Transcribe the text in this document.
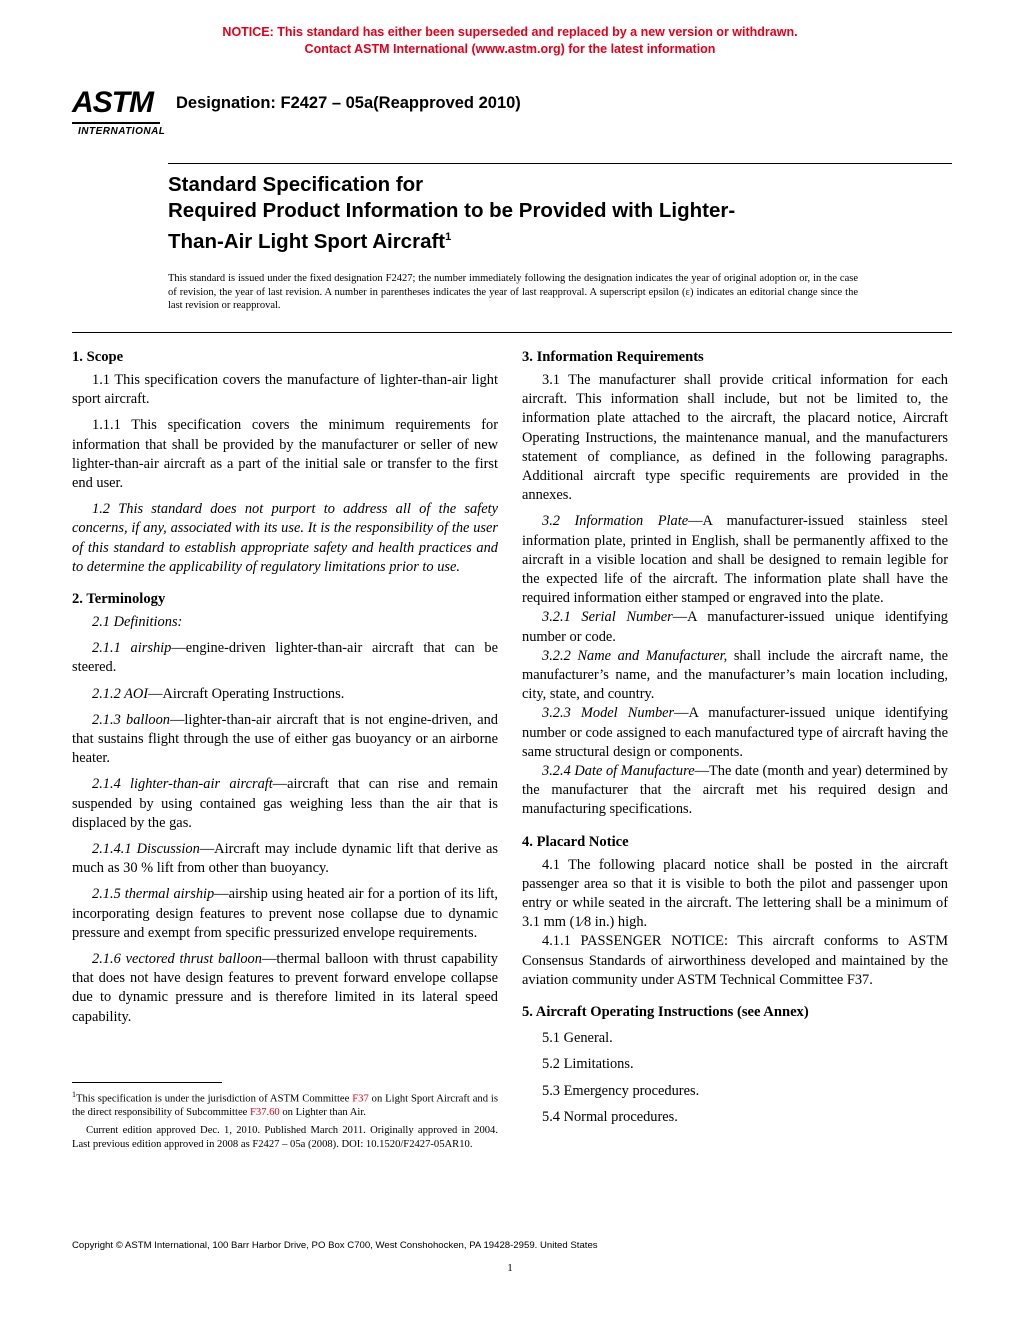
NOTICE: This standard has either been superseded and replaced by a new version or withdrawn.
Contact ASTM International (www.astm.org) for the latest information
ASTM
INTERNATIONAL
Designation: F2427 – 05a(Reapproved 2010)
Standard Specification for
Required Product Information to be Provided with Lighter-
Than-Air Light Sport Aircraft$^1$
This standard is issued under the fixed designation F2427; the number immediately following the designation indicates the year of original adoption or, in the case of revision, the year of last revision. A number in parentheses indicates the year of last reapproval. A superscript epsilon (ε) indicates an editorial change since the last revision or reapproval.
1. Scope

1.1 This specification covers the manufacture of lighter-than-air light sport aircraft.

1.1.1 This specification covers the minimum requirements for information that shall be provided by the manufacturer or seller of new lighter-than-air aircraft as a part of the initial sale or transfer to the first end user.

1.2 This standard does not purport to address all of the safety concerns, if any, associated with its use. It is the responsibility of the user of this standard to establish appropriate safety and health practices and to determine the applicability of regulatory limitations prior to use.

2. Terminology

2.1 Definitions:

2.1.1 airship—engine-driven lighter-than-air aircraft that can be steered.

2.1.2 AOI—Aircraft Operating Instructions.

2.1.3 balloon—lighter-than-air aircraft that is not engine-driven, and that sustains flight through the use of either gas buoyancy or an airborne heater.

2.1.4 lighter-than-air aircraft—aircraft that can rise and remain suspended by using contained gas weighing less than the air that is displaced by the gas.

2.1.4.1 Discussion—Aircraft may include dynamic lift that derive as much as 30 % lift from other than buoyancy.

2.1.5 thermal airship—airship using heated air for a portion of its lift, incorporating design features to prevent nose collapse due to dynamic pressure and exempt from specific pressurized envelope requirements.

2.1.6 vectored thrust balloon—thermal balloon with thrust capability that does not have design features to prevent forward envelope collapse due to dynamic pressure and is therefore limited in its lateral speed capability.

3. Information Requirements

3.1 The manufacturer shall provide critical information for each aircraft. This information shall include, but not be limited to, the information plate attached to the aircraft, the placard notice, Aircraft Operating Instructions, the maintenance manual, and the manufacturers statement of compliance, as defined in the following paragraphs. Additional aircraft type specific requirements are provided in the annexes.

3.2 Information Plate—A manufacturer-issued stainless steel information plate, printed in English, shall be permanently affixed to the aircraft in a visible location and shall be designed to remain legible for the expected life of the aircraft. The information plate shall have the required information either stamped or engraved into the plate.

3.2.1 Serial Number—A manufacturer-issued unique identifying number or code.

3.2.2 Name and Manufacturer, shall include the aircraft name, the manufacturer’s name, and the manufacturer’s main location including, city, state, and country.

3.2.3 Model Number—A manufacturer-issued unique identifying number or code assigned to each manufactured type of aircraft having the same structural design or components.

3.2.4 Date of Manufacture—The date (month and year) determined by the manufacturer that the aircraft met his required design and manufacturing specifications.

4. Placard Notice

4.1 The following placard notice shall be posted in the aircraft passenger area so that it is visible to both the pilot and passenger upon entry or while seated in the aircraft. The lettering shall be a minimum of 3.1 mm (1⁄8 in.) high.

4.1.1 PASSENGER NOTICE: This aircraft conforms to ASTM Consensus Standards of airworthiness developed and maintained by the aviation community under ASTM Technical Committee F37.

5. Aircraft Operating Instructions (see Annex)

5.1 General.

5.2 Limitations.

5.3 Emergency procedures.

5.4 Normal procedures.

$^1$This specification is under the jurisdiction of ASTM Committee F37 on Light Sport Aircraft and is the direct responsibility of Subcommittee F37.60 on Lighter than Air.

Current edition approved Dec. 1, 2010. Published March 2011. Originally approved in 2004. Last previous edition approved in 2008 as F2427 – 05a (2008). DOI: 10.1520/F2427-05AR10.

Copyright © ASTM International, 100 Barr Harbor Drive, PO Box C700, West Conshohocken, PA 19428-2959. United States
1
